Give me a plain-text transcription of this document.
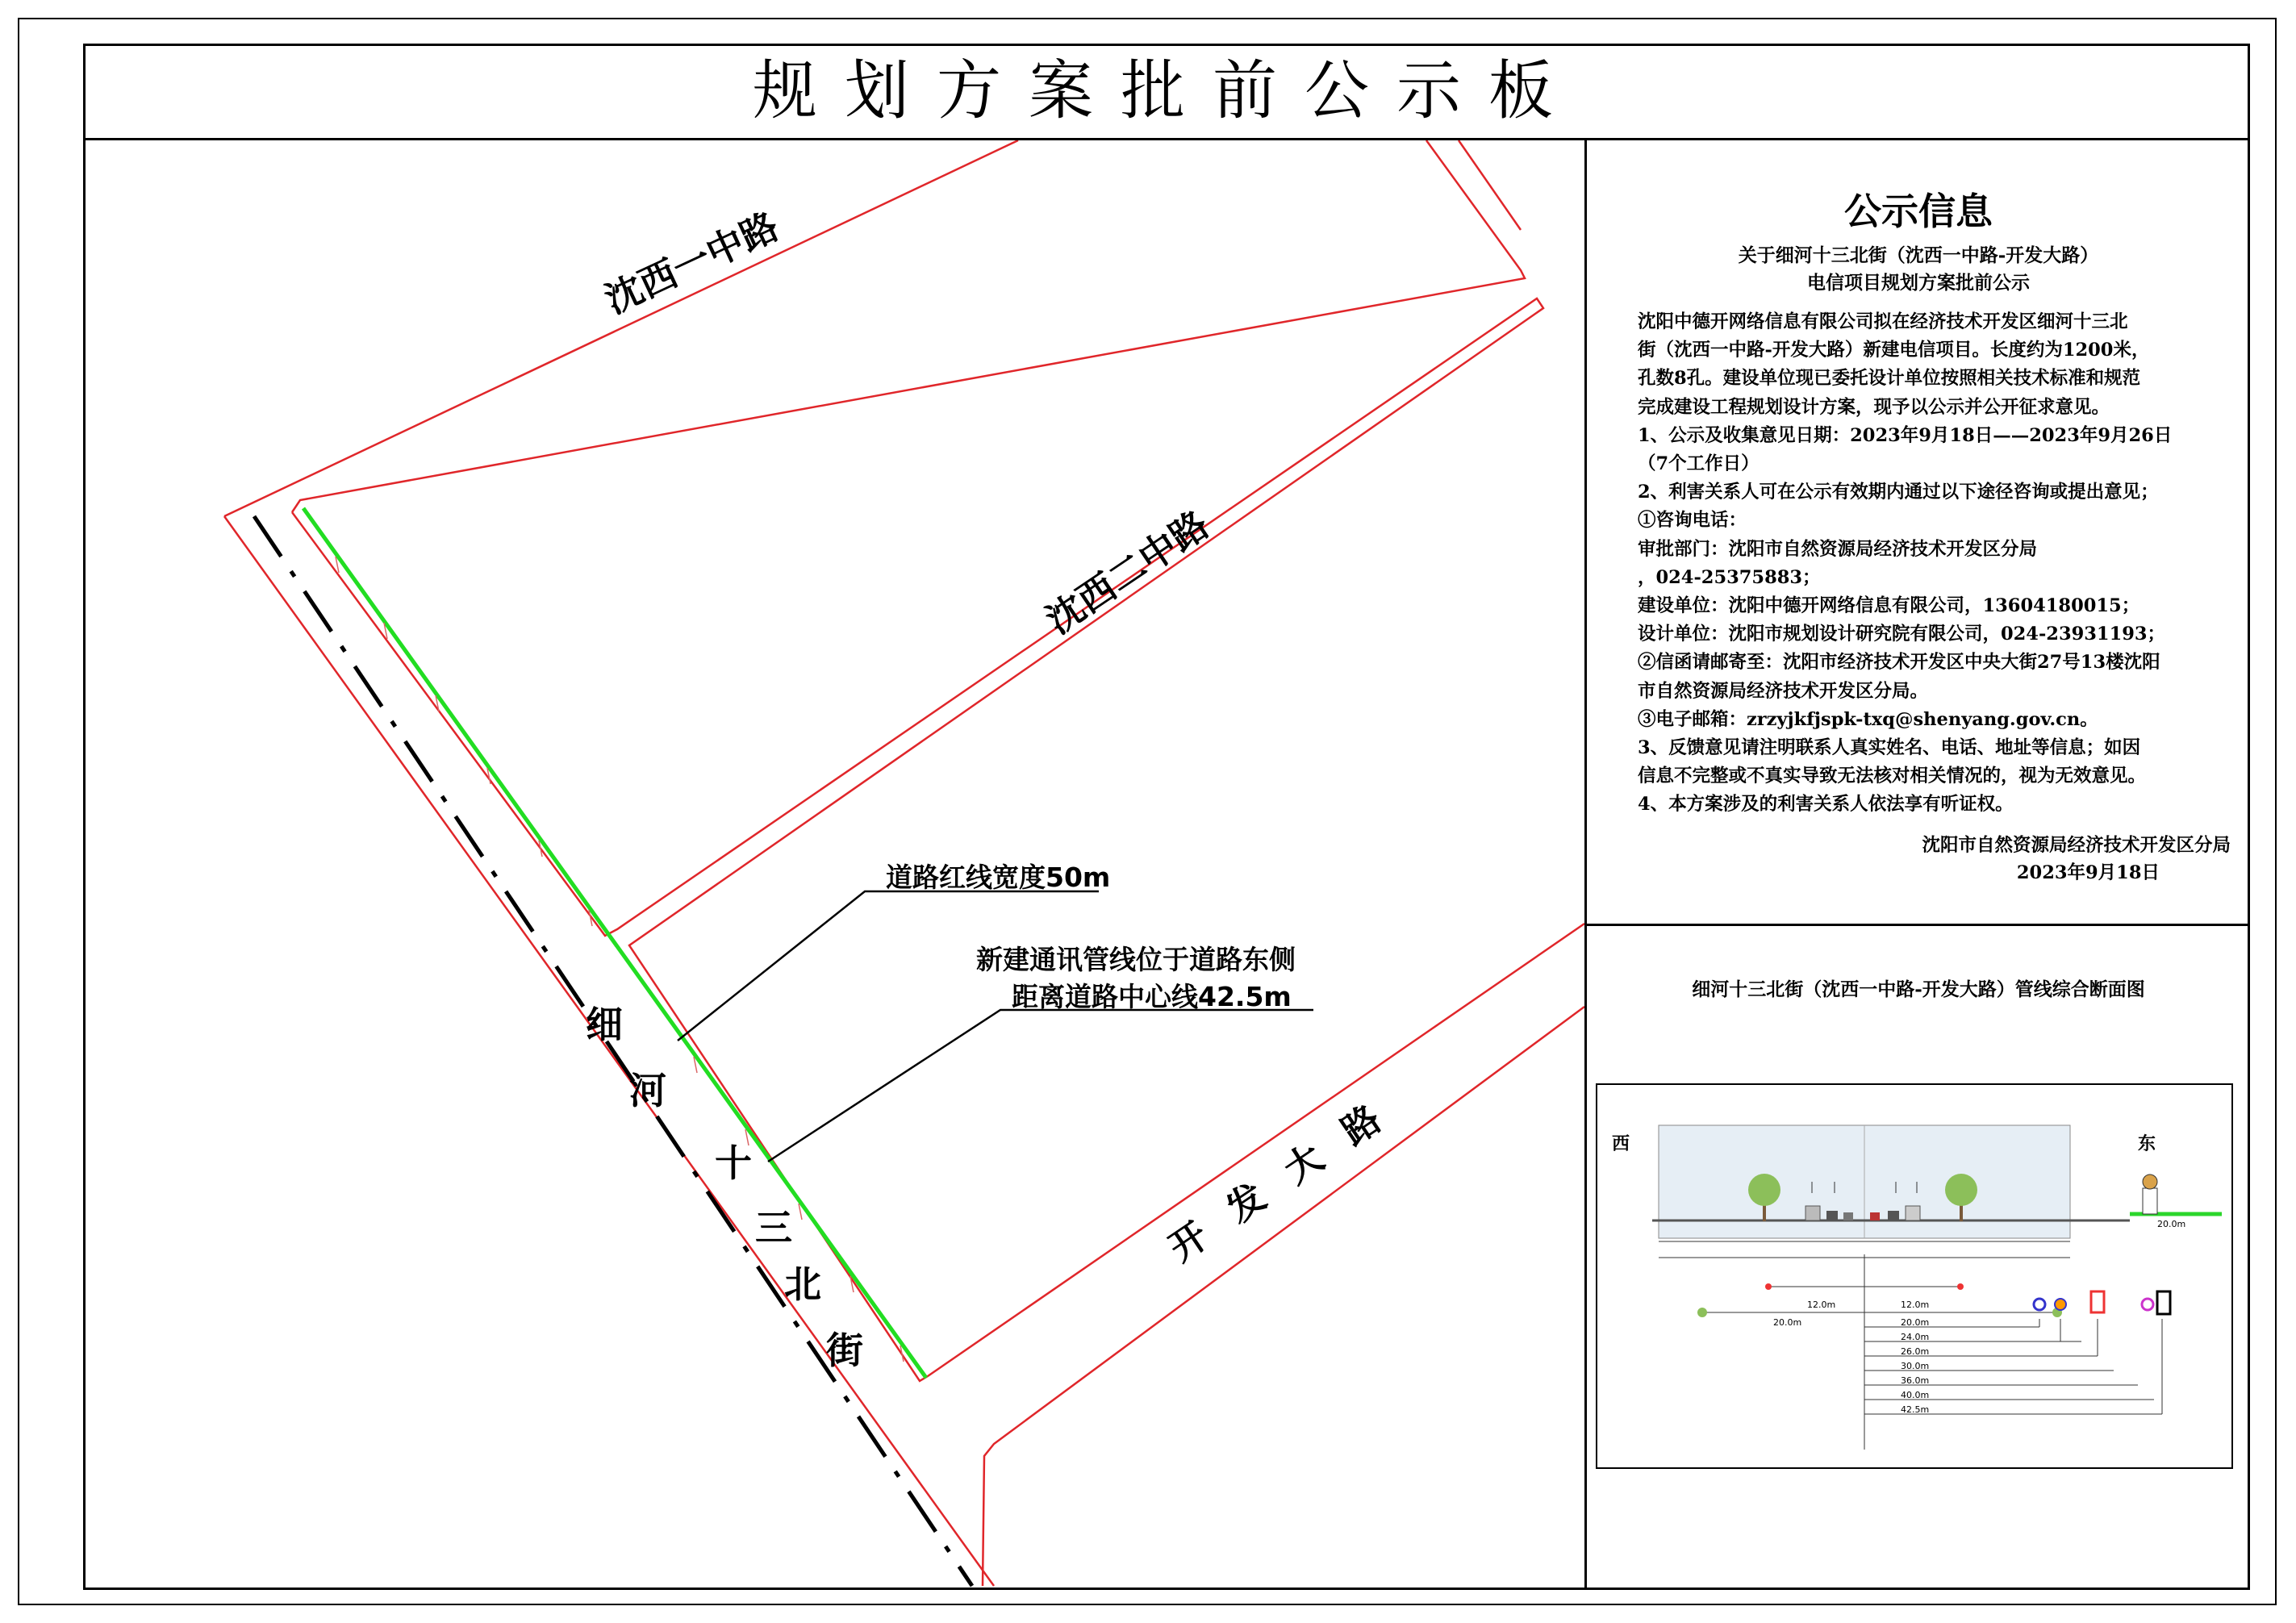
规划方案批前公示板
沈西一中路
沈西二中路
开 发 大 路
细
河
十
三
北
街
道路红线宽度50m
新建通讯管线位于道路东侧
距离道路中心线42.5m
公示信息
关于细河十三北街（沈西一中路-开发大路）
电信项目规划方案批前公示
沈阳中德开网络信息有限公司拟在经济技术开发区细河十三北
街（沈西一中路-开发大路）新建电信项目。长度约为1200米，
孔数8孔。建设单位现已委托设计单位按照相关技术标准和规范
完成建设工程规划设计方案，现予以公示并公开征求意见。
1、公示及收集意见日期：2023年9月18日——2023年9月26日
（7个工作日）
2、利害关系人可在公示有效期内通过以下途径咨询或提出意见；
①咨询电话：
审批部门：沈阳市自然资源局经济技术开发区分局
，024-25375883；
建设单位：沈阳中德开网络信息有限公司，13604180015；
设计单位：沈阳市规划设计研究院有限公司，024-23931193；
②信函请邮寄至：沈阳市经济技术开发区中央大街27号13楼沈阳
市自然资源局经济技术开发区分局。
③电子邮箱：zrzyjkfjspk-txq@shenyang.gov.cn。
3、反馈意见请注明联系人真实姓名、电话、地址等信息；如因
信息不完整或不真实导致无法核对相关情况的，视为无效意见。
4、本方案涉及的利害关系人依法享有听证权。
沈阳市自然资源局经济技术开发区分局
2023年9月18日
细河十三北街（沈西一中路-开发大路）管线综合断面图
西	东
12.0m	12.0m
20.0m	20.0m
20.0m
24.0m
26.0m
30.0m
36.0m
40.0m
42.5m
